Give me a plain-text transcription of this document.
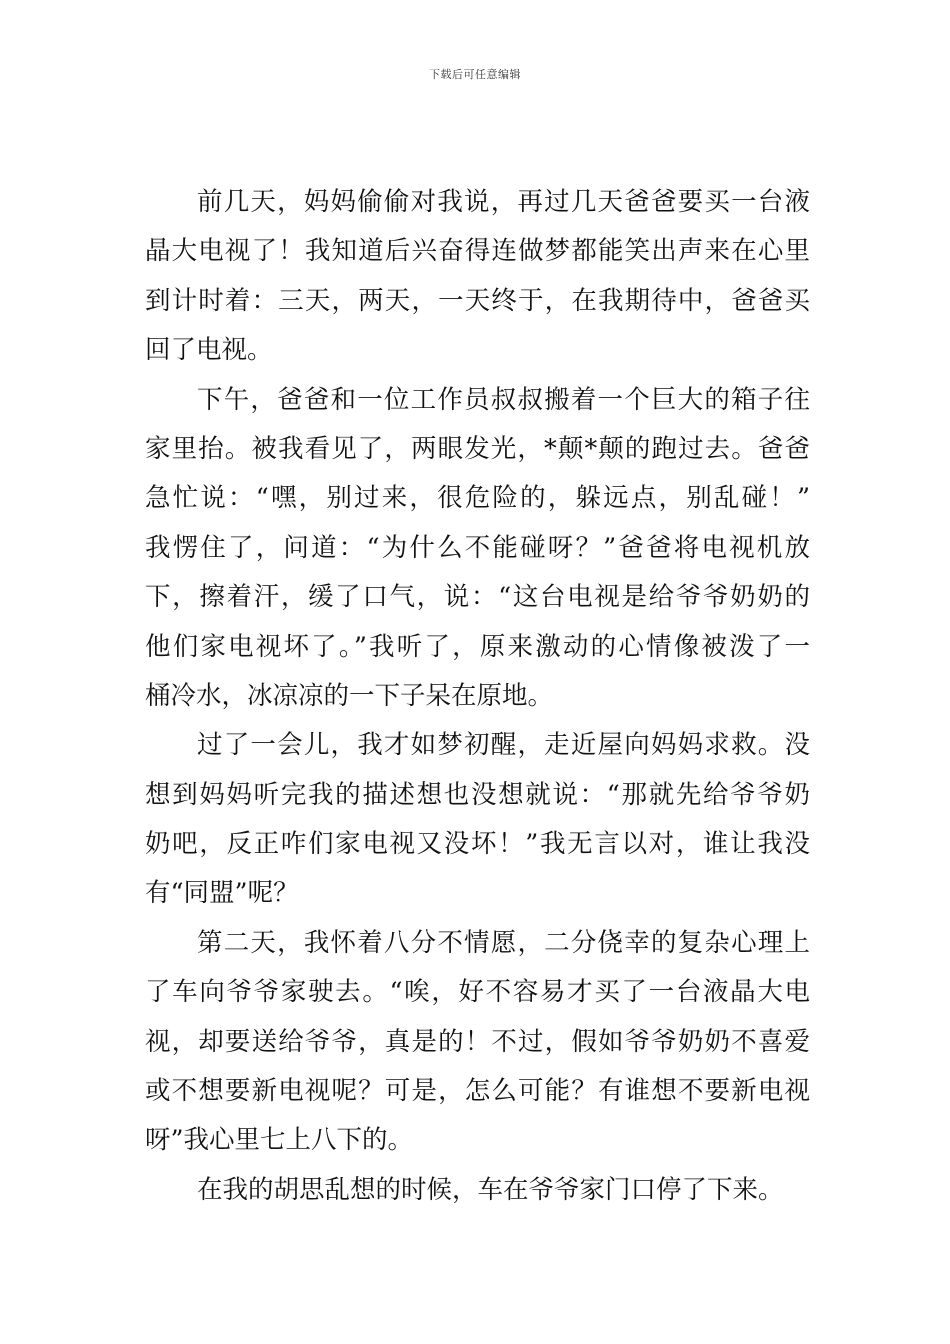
下载后可任意编辑
前几天，妈妈偷偷对我说，再过几天爸爸要买一台液
晶大电视了！我知道后兴奋得连做梦都能笑出声来在心里
到计时着：三天，两天，一天终于，在我期待中，爸爸买
回了电视。
下午，爸爸和一位工作员叔叔搬着一个巨大的箱子往
家里抬。被我看见了，两眼发光，*颠*颠的跑过去。爸爸
急忙说：“嘿，别过来，很危险的，躲远点，别乱碰！”
我愣住了，问道：“为什么不能碰呀？”爸爸将电视机放
下，擦着汗，缓了口气，说：“这台电视是给爷爷奶奶的
他们家电视坏了。”我听了，原来激动的心情像被泼了一
桶冷水，冰凉凉的一下子呆在原地。
过了一会儿，我才如梦初醒，走近屋向妈妈求救。没
想到妈妈听完我的描述想也没想就说：“那就先给爷爷奶
奶吧，反正咋们家电视又没坏！”我无言以对，谁让我没
有“同盟”呢？
第二天，我怀着八分不情愿，二分侥幸的复杂心理上
了车向爷爷家驶去。“唉，好不容易才买了一台液晶大电
视，却要送给爷爷，真是的！不过，假如爷爷奶奶不喜爱
或不想要新电视呢？可是，怎么可能？有谁想不要新电视
呀”我心里七上八下的。
在我的胡思乱想的时候，车在爷爷家门口停了下来。
